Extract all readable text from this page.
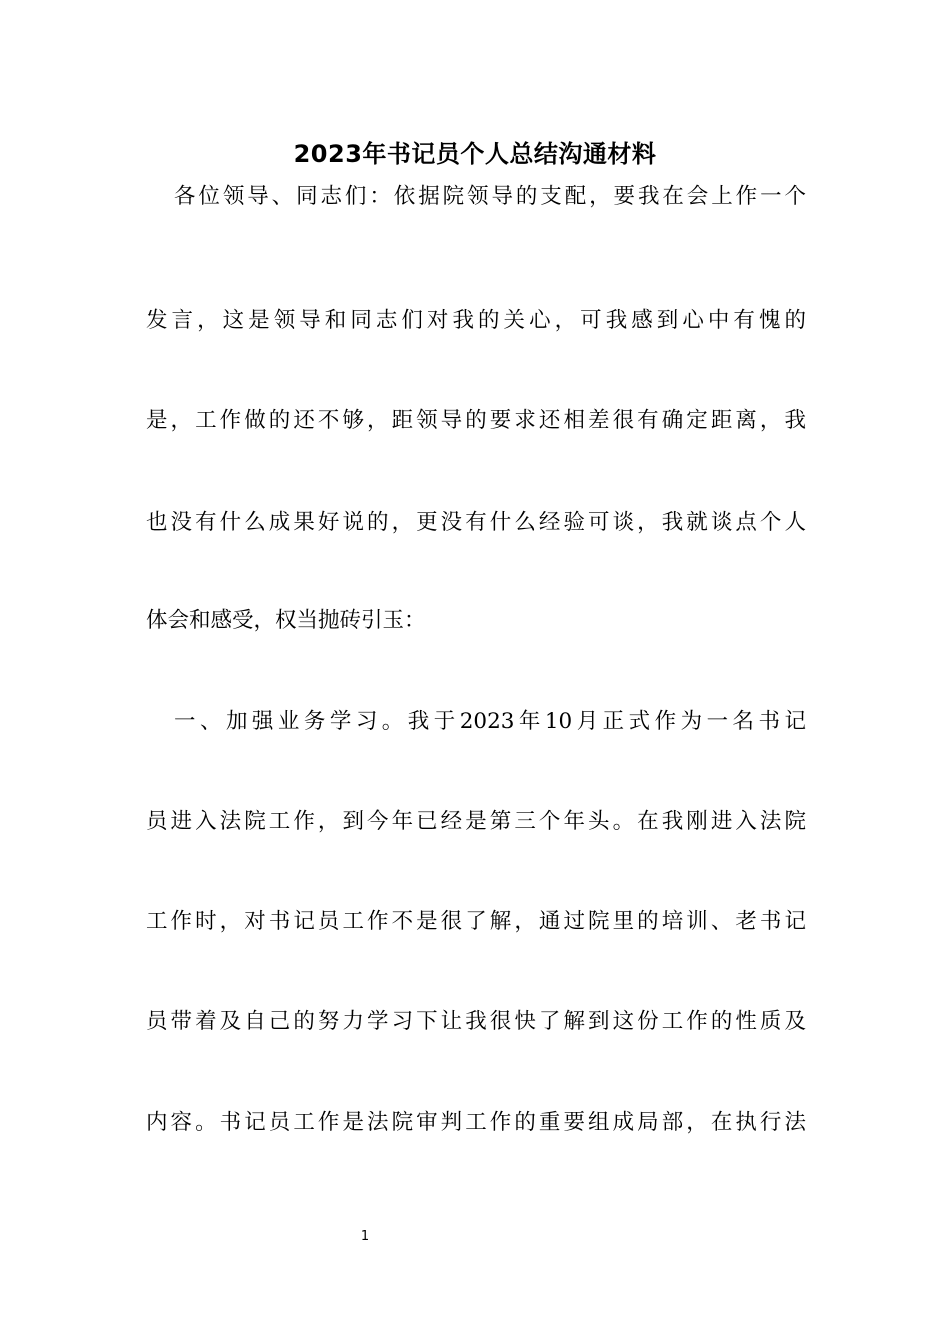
2023年书记员个人总结沟通材料
各位领导、同志们：依据院领导的支配，要我在会上作一个
发言，这是领导和同志们对我的关心，可我感到心中有愧的
是，工作做的还不够，距领导的要求还相差很有确定距离，我
也没有什么成果好说的，更没有什么经验可谈，我就谈点个人
体会和感受，权当抛砖引玉：
一、加强业务学习。我于2023年10月正式作为一名书记
员进入法院工作，到今年已经是第三个年头。在我刚进入法院
工作时，对书记员工作不是很了解，通过院里的培训、老书记
员带着及自己的努力学习下让我很快了解到这份工作的性质及
内容。书记员工作是法院审判工作的重要组成局部，在执行法
1
